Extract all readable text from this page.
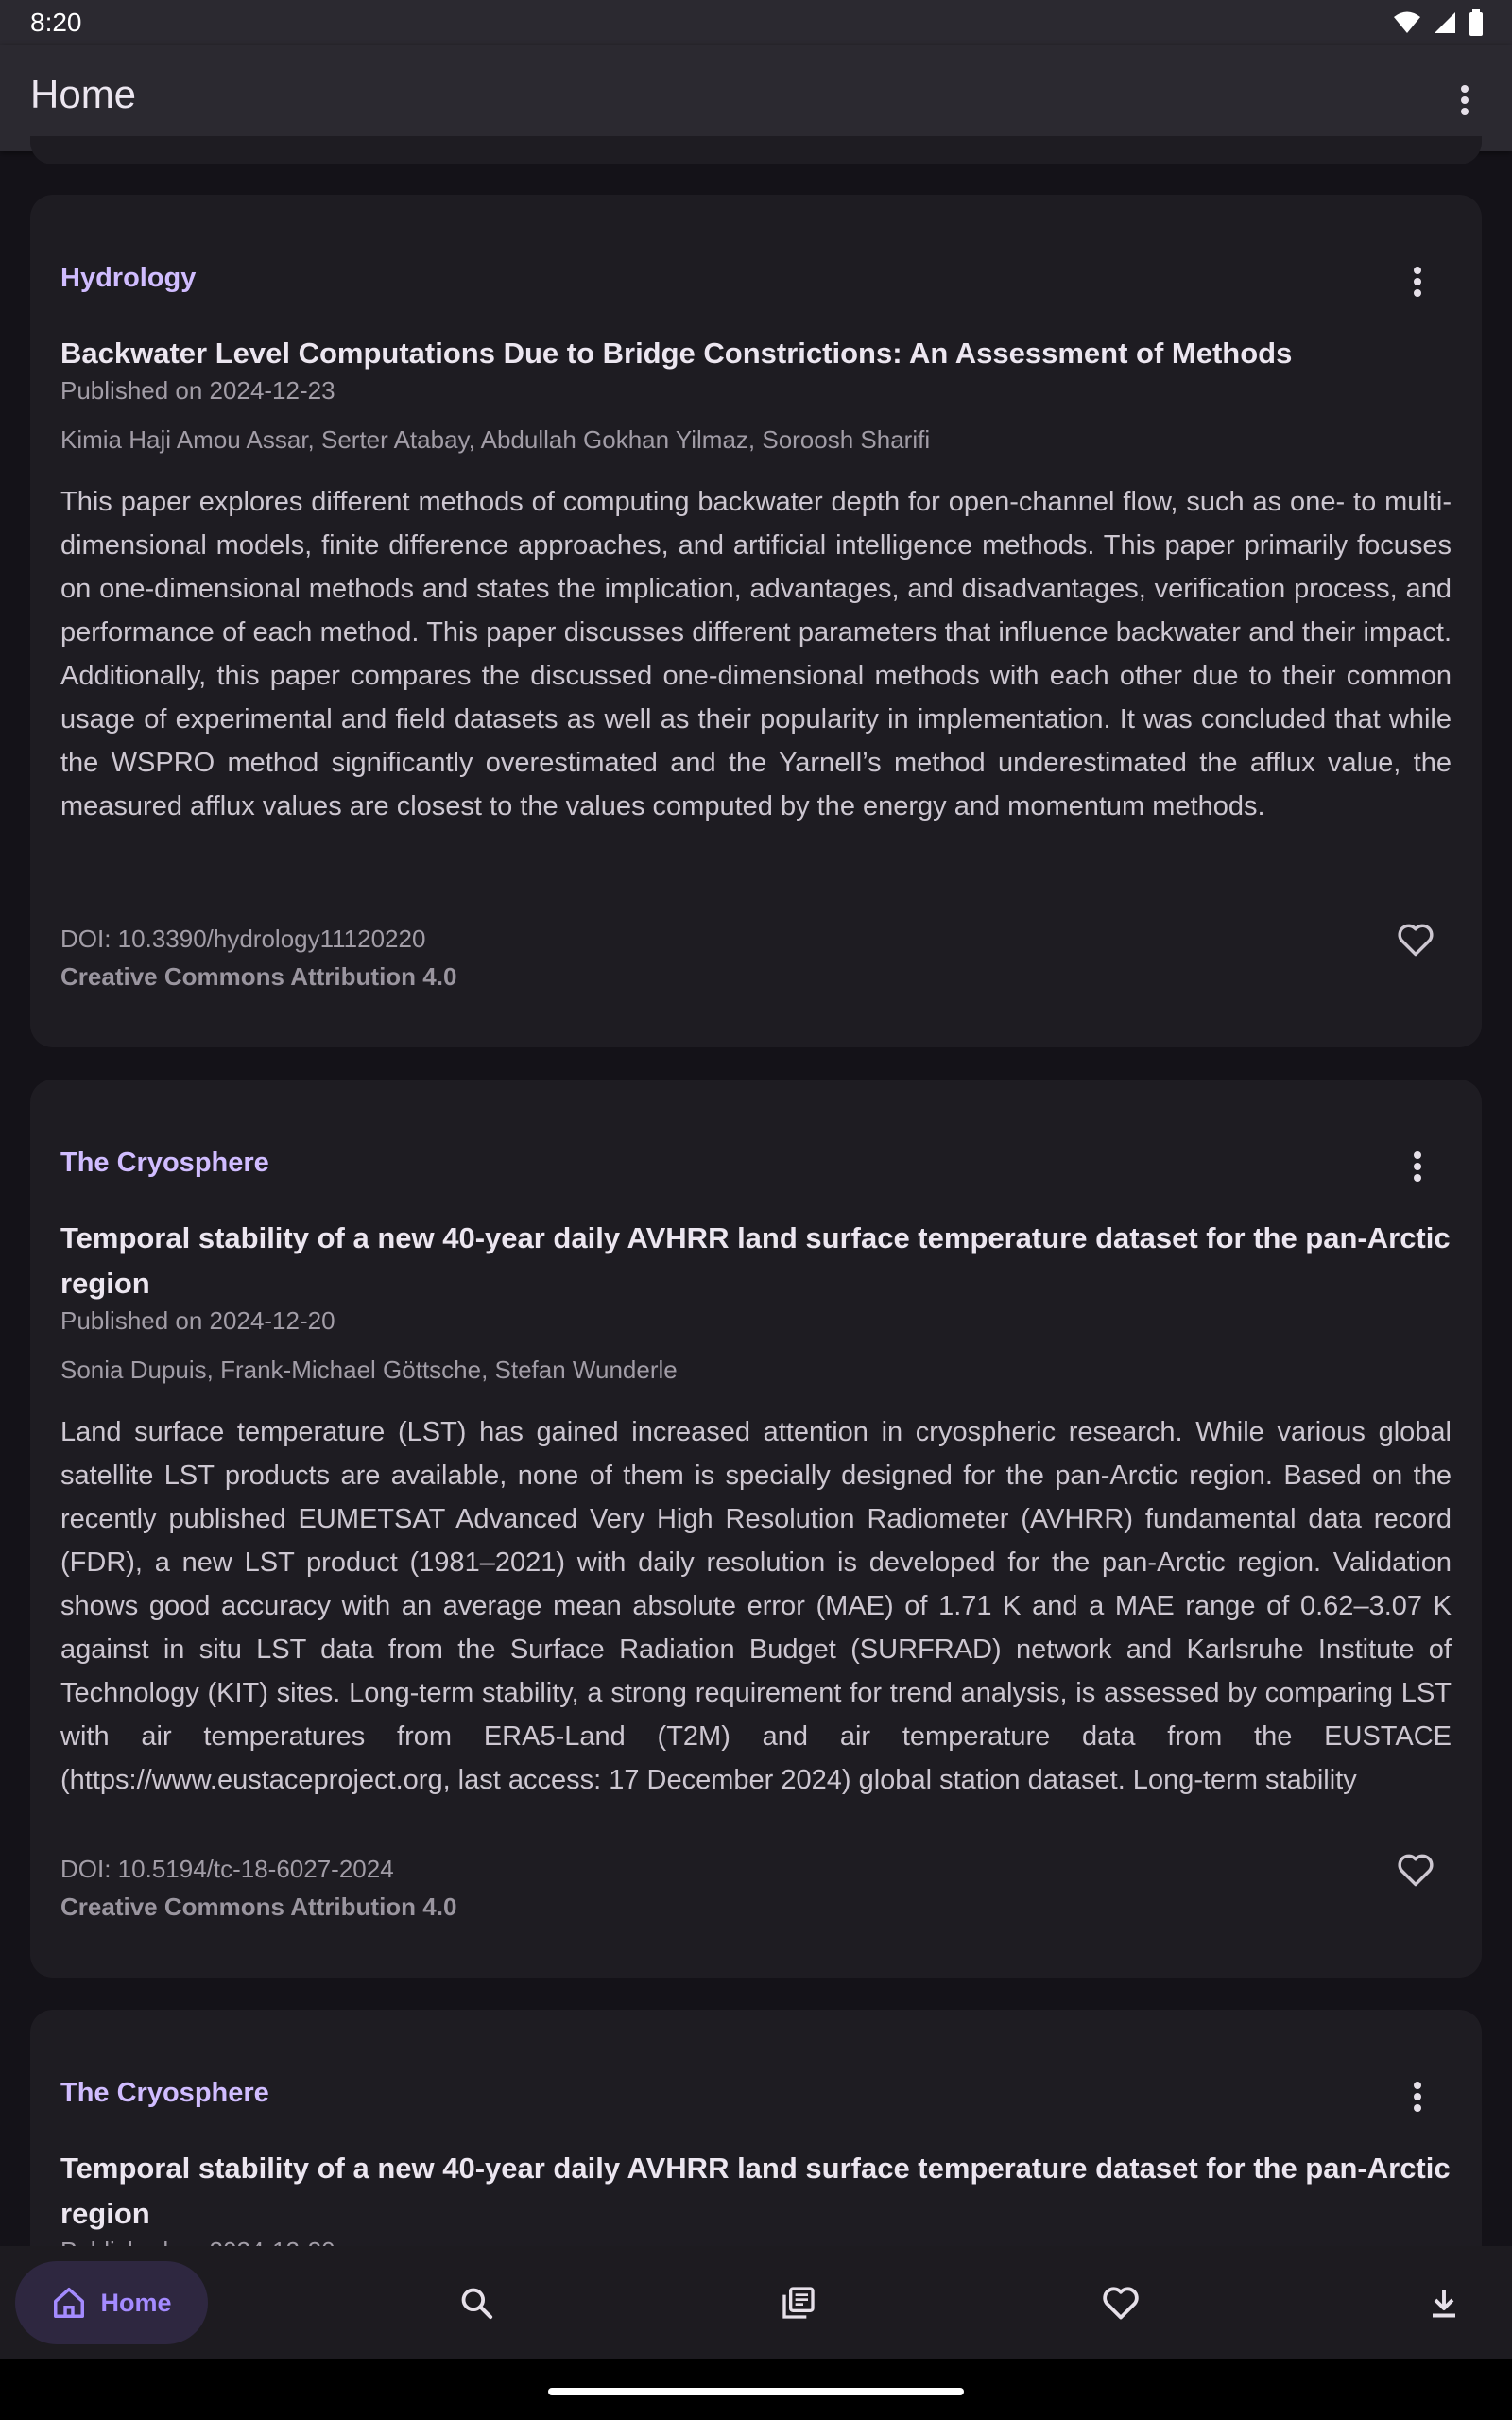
8:20
Home
Hydrology
Backwater Level Computations Due to Bridge Constrictions: An Assessment of Methods
Published on 2024-12-23
Kimia Haji Amou Assar, Serter Atabay, Abdullah Gokhan Yilmaz, Soroosh Sharifi
This paper explores different methods of computing backwater depth for open-channel flow, such as one- to multi-dimensional models, finite difference approaches, and artificial intelligence methods. This paper primarily focuses on one-dimensional methods and states the implication, advantages, and disadvantages, verification process, and performance of each method. This paper discusses different parameters that influence backwater and their impact. Additionally, this paper compares the discussed one-dimensional methods with each other due to their common usage of experimental and field datasets as well as their popularity in implementation. It was concluded that while the WSPRO method significantly overestimated and the Yarnell’s method underestimated the afflux value, the measured afflux values are closest to the values computed by the energy and momentum methods.
DOI: 10.3390/hydrology11120220
Creative Commons Attribution 4.0
The Cryosphere
Temporal stability of a new 40-year daily AVHRR land surface temperature dataset for the pan-Arctic region
Published on 2024-12-20
Sonia Dupuis, Frank-Michael Göttsche, Stefan Wunderle
Land surface temperature (LST) has gained increased attention in cryospheric research. While various global satellite LST products are available, none of them is specially designed for the pan-Arctic region. Based on the recently published EUMETSAT Advanced Very High Resolution Radiometer (AVHRR) fundamental data record (FDR), a new LST product (1981–2021) with daily resolution is developed for the pan-Arctic region. Validation shows good accuracy with an average mean absolute error (MAE) of 1.71 K and a MAE range of 0.62–3.07 K against in situ LST data from the Surface Radiation Budget (SURFRAD) network and Karlsruhe Institute of Technology (KIT) sites. Long-term stability, a strong requirement for trend analysis, is assessed by comparing LST with air temperatures from ERA5-Land (T2M) and air temperature data from the EUSTACE (https://www.eustaceproject.org, last access: 17 December 2024) global station dataset. Long-term stability
DOI: 10.5194/tc-18-6027-2024
Creative Commons Attribution 4.0
The Cryosphere
Temporal stability of a new 40-year daily AVHRR land surface temperature dataset for the pan-Arctic region
Home
